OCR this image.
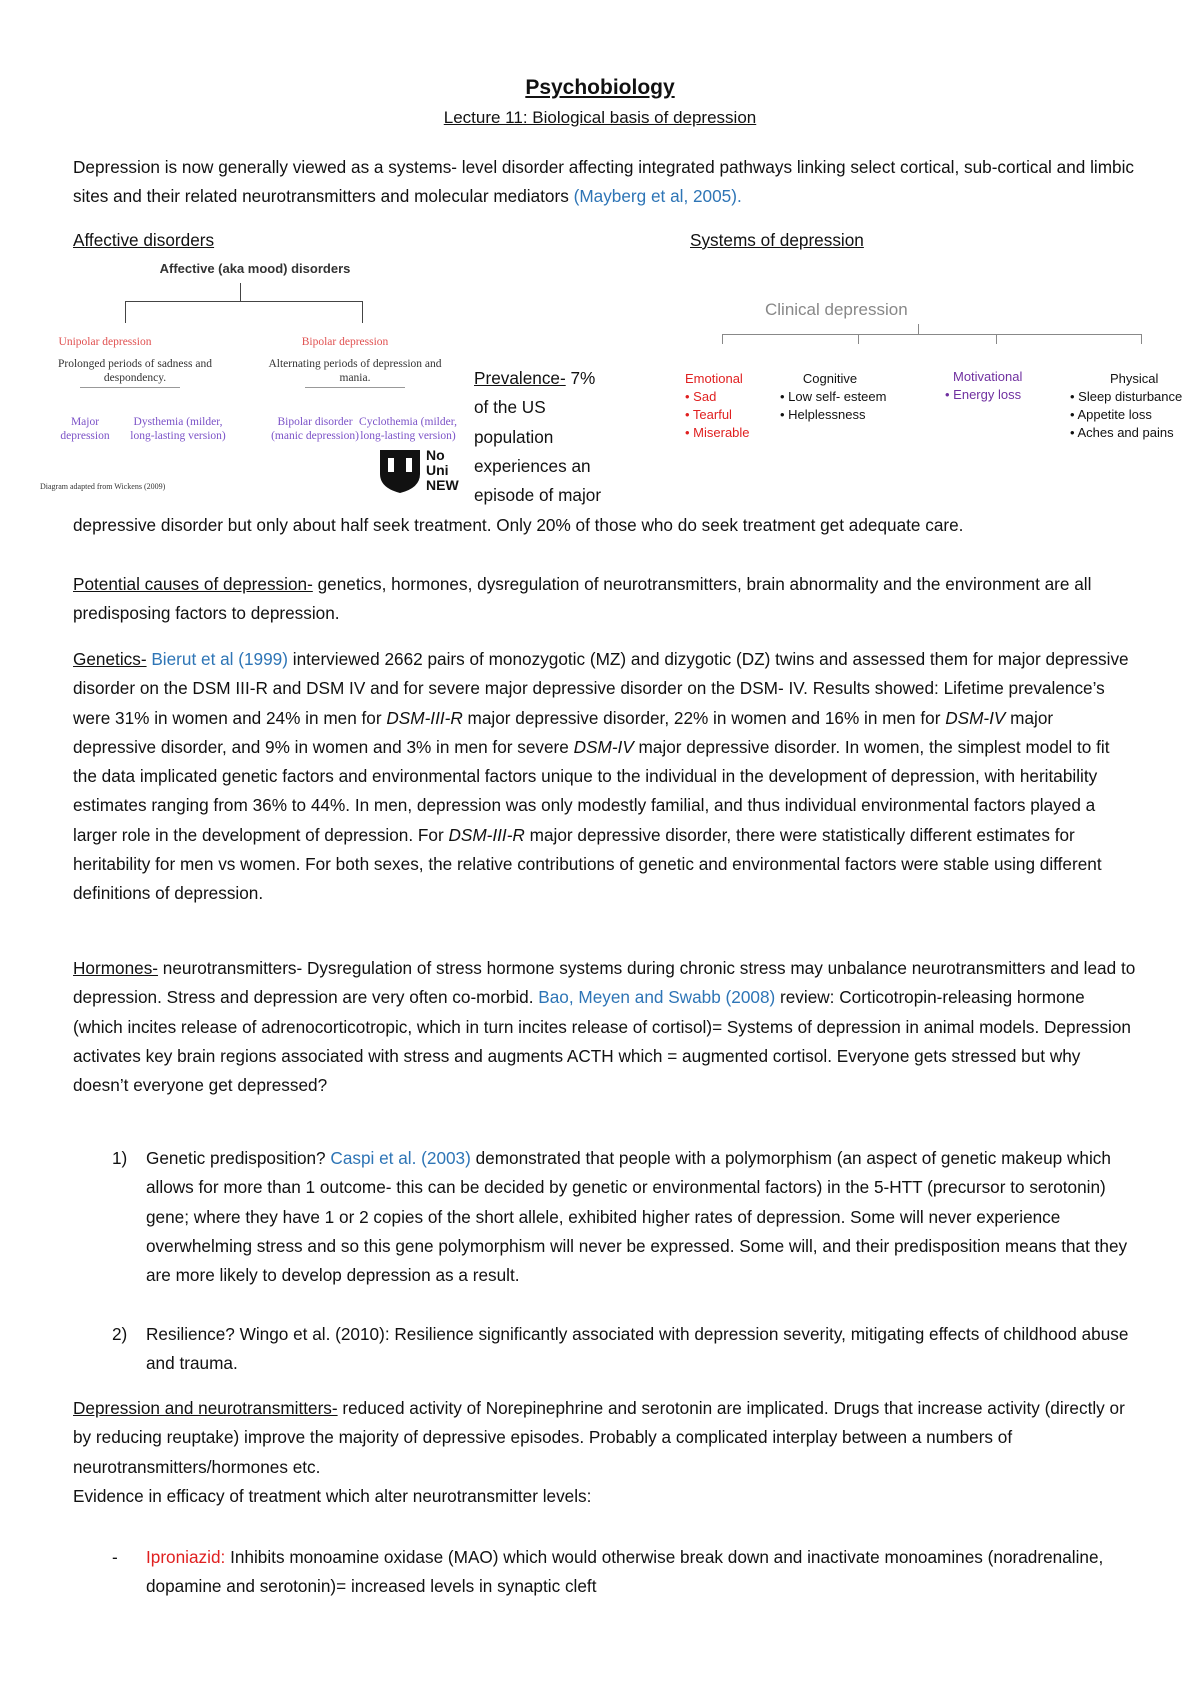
Psychobiology
Lecture 11: Biological basis of depression
Depression is now generally viewed as a systems- level disorder affecting integrated pathways linking select cortical, sub-cortical and limbic sites and their related neurotransmitters and molecular mediators (Mayberg et al, 2005).
Affective disorders	Systems of depression
Affective (aka mood) disorders
Unipolar depression	Bipolar depression
Prolonged periods of sadness and despondency.
Alternating periods of depression and mania.
Major depression
Dysthemia (milder, long-lasting version)
Bipolar disorder (manic depression)
Cyclothemia (milder, long-lasting version)
Diagram adapted from Wickens (2009)
No Uni NEW
Clinical depression
Emotional
• Sad
• Tearful
• Miserable
Cognitive
• Low self- esteem
• Helplessness
Motivational
• Energy loss
Physical
• Sleep disturbance
• Appetite loss
• Aches and pains
Prevalence- 7%
of the US
population
experiences an
episode of major
depressive disorder but only about half seek treatment. Only 20% of those who do seek treatment get adequate care.
Potential causes of depression- genetics, hormones, dysregulation of neurotransmitters, brain abnormality and the environment are all predisposing factors to depression.
Genetics- Bierut et al (1999) interviewed 2662 pairs of monozygotic (MZ) and dizygotic (DZ) twins and assessed them for major depressive disorder on the DSM III-R and DSM IV and for severe major depressive disorder on the DSM- IV. Results showed: Lifetime prevalence’s were 31% in women and 24% in men for DSM-III-R major depressive disorder, 22% in women and 16% in men for DSM-IV major depressive disorder, and 9% in women and 3% in men for severe DSM-IV major depressive disorder. In women, the simplest model to fit the data implicated genetic factors and environmental factors unique to the individual in the development of depression, with heritability estimates ranging from 36% to 44%. In men, depression was only modestly familial, and thus individual environmental factors played a larger role in the development of depression. For DSM-III-R major depressive disorder, there were statistically different estimates for heritability for men vs women. For both sexes, the relative contributions of genetic and environmental factors were stable using different definitions of depression.
Hormones- neurotransmitters- Dysregulation of stress hormone systems during chronic stress may unbalance neurotransmitters and lead to depression. Stress and depression are very often co-morbid. Bao, Meyen and Swabb (2008) review: Corticotropin-releasing hormone (which incites release of adrenocorticotropic, which in turn incites release of cortisol)= Systems of depression in animal models. Depression activates key brain regions associated with stress and augments ACTH which = augmented cortisol. Everyone gets stressed but why doesn’t everyone get depressed?
1) Genetic predisposition? Caspi et al. (2003) demonstrated that people with a polymorphism (an aspect of genetic makeup which allows for more than 1 outcome- this can be decided by genetic or environmental factors) in the 5-HTT (precursor to serotonin) gene; where they have 1 or 2 copies of the short allele, exhibited higher rates of depression. Some will never experience overwhelming stress and so this gene polymorphism will never be expressed. Some will, and their predisposition means that they are more likely to develop depression as a result.
2) Resilience? Wingo et al. (2010): Resilience significantly associated with depression severity, mitigating effects of childhood abuse and trauma.
Depression and neurotransmitters- reduced activity of Norepinephrine and serotonin are implicated. Drugs that increase activity (directly or by reducing reuptake) improve the majority of depressive episodes. Probably a complicated interplay between a numbers of neurotransmitters/hormones etc.
Evidence in efficacy of treatment which alter neurotransmitter levels:
- Iproniazid: Inhibits monoamine oxidase (MAO) which would otherwise break down and inactivate monoamines (noradrenaline, dopamine and serotonin)= increased levels in synaptic cleft
